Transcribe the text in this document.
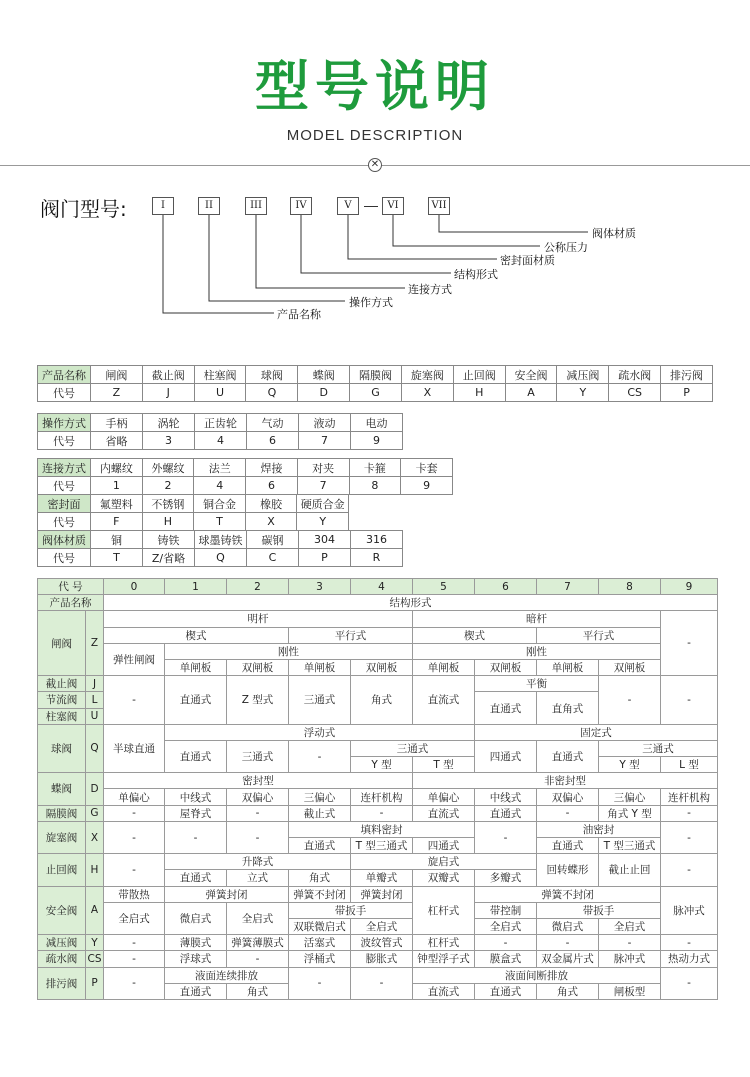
型号说明
MODEL DESCRIPTION
✕
阀门型号:	I	II	III	IV	V	VI	VII
阀体材质
公称压力
密封面材质
结构形式
连接方式
操作方式
产品名称
产品名称	闸阀	截止阀	柱塞阀	球阀	蝶阀	隔膜阀	旋塞阀	止回阀	安全阀	减压阀	疏水阀	排污阀
代号	Z	J	U	Q	D	G	X	H	A	Y	CS	P
操作方式	手柄	涡轮	正齿轮	气动	液动	电动
代号	省略	3	4	6	7	9
连接方式	内螺纹	外螺纹	法兰	焊接	对夹	卡箍	卡套
代号	1	2	4	6	7	8	9
密封面	氟塑料	不锈钢	铜合金	橡胶	硬质合金
代号	F	H	T	X	Y
阀体材质	铜	铸铁	球墨铸铁	碳钢	304	316
代号	T	Z/省略	Q	C	P	R
代 号		0	1	2	3	4	5	6	7	8	9
产品名称		结构形式									
闸阀	Z	明杆					暗杆				-
		楔式			平行式		楔式		平行式		
		弹性闸阀	刚性				刚性				
			单闸板	双闸板	单闸板	双闸板	单闸板	双闸板	单闸板	双闸板	
截止阀	J	-	直通式	Z 型式	三通式	角式	直流式	平衡		-	-
节流阀	L							直通式	直角式		
柱塞阀	U										
球阀	Q	半球直通	浮动式					固定式			
			直通式	三通式	-	三通式		四通式	直通式	三通式	
						Y 型	T 型			Y 型	L 型
蝶阀	D	密封型					非密封型				
		单偏心	中线式	双偏心	三偏心	连杆机构	单偏心	中线式	双偏心	三偏心	连杆机构
隔膜阀	G	-	屋脊式	-	截止式	-	直流式	直通式	-	角式 Y 型	-
旋塞阀	X	-	-	-	填料密封			-	油密封		-
					直通式	T 型三通式	四通式		直通式	T 型三通式	
止回阀	H	-	升降式			旋启式			回转蝶形	截止止回	-
			直通式	立式	角式	单瓣式	双瓣式	多瓣式			
安全阀	A	带散热	弹簧封闭		弹簧不封闭	弹簧封闭	杠杆式	弹簧不封闭			脉冲式
		全启式	微启式	全启式	带扳手			带控制	带扳手		
					双联微启式	全启式		全启式	微启式	全启式	
减压阀	Y	-	薄膜式	弹簧薄膜式	活塞式	波纹管式	杠杆式	-	-	-	-
疏水阀	CS	-	浮球式	-	浮桶式	膨胀式	钟型浮子式	膜盒式	双金属片式	脉冲式	热动力式
排污阀	P	-	液面连续排放		-	-	液面间断排放				-
			直通式	角式			直流式	直通式	角式	闸板型	
